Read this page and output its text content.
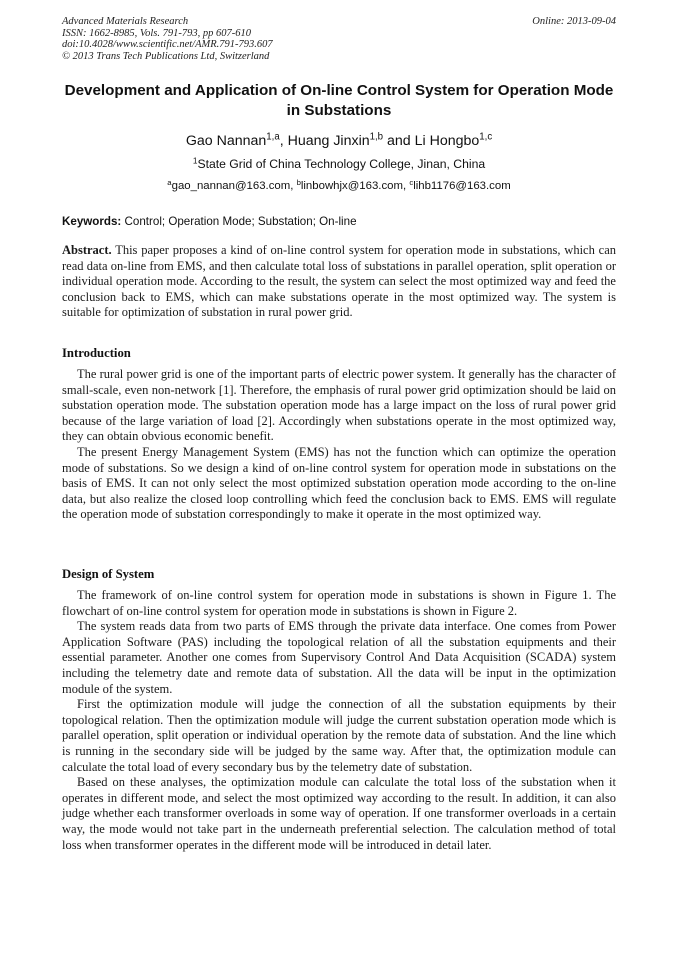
Advanced Materials Research
ISSN: 1662-8985, Vols. 791-793, pp 607-610
doi:10.4028/www.scientific.net/AMR.791-793.607
© 2013 Trans Tech Publications Ltd, Switzerland
Online: 2013-09-04
Development and Application of On-line Control System for Operation Mode in Substations
Gao Nannan$^{1,a}$, Huang Jinxin$^{1,b}$ and Li Hongbo$^{1,c}$
$^1$State Grid of China Technology College, Jinan, China
$^a$gao_nannan@163.com, $^b$linbowhjx@163.com, $^c$lihb1176@163.com
Keywords: Control; Operation Mode; Substation; On-line

Abstract. This paper proposes a kind of on-line control system for operation mode in substations, which can read data on-line from EMS, and then calculate total loss of substations in parallel operation, split operation or individual operation mode. According to the result, the system can select the most optimized way and feed the conclusion back to EMS, which can make substations operate in the most optimized way. The system is suitable for optimization of substation in rural power grid.

Introduction

The rural power grid is one of the important parts of electric power system. It generally has the character of small-scale, even non-network [1]. Therefore, the emphasis of rural power grid optimization should be laid on substation operation mode. The substation operation mode has a large impact on the loss of rural power grid because of the large variation of load [2]. Accordingly when substations operate in the most optimized way, they can obtain obvious economic benefit.

The present Energy Management System (EMS) has not the function which can optimize the operation mode of substations. So we design a kind of on-line control system for operation mode in substations on the basis of EMS. It can not only select the most optimized substation operation mode according to the on-line data, but also realize the closed loop controlling which feed the conclusion back to EMS. EMS will regulate the operation mode of substation correspondingly to make it operate in the most optimized way.

Design of System

The framework of on-line control system for operation mode in substations is shown in Figure 1. The flowchart of on-line control system for operation mode in substations is shown in Figure 2.

The system reads data from two parts of EMS through the private data interface. One comes from Power Application Software (PAS) including the topological relation of all the substation equipments and their essential parameter. Another one comes from Supervisory Control And Data Acquisition (SCADA) system including the telemetry date and remote data of substation. All the data will be input in the optimization module of the system.

First the optimization module will judge the connection of all the substation equipments by their topological relation. Then the optimization module will judge the current substation operation mode which is parallel operation, split operation or individual operation by the remote data of substation. And the line which is running in the secondary side will be judged by the same way. After that, the optimization module can calculate the total load of every secondary bus by the telemetry date of substation.

Based on these analyses, the optimization module can calculate the total loss of the substation when it operates in different mode, and select the most optimized way according to the result. In addition, it can also judge whether each transformer overloads in some way of operation. If one transformer overloads in a certain way, the mode would not take part in the underneath preferential selection. The calculation method of total loss when transformer operates in the different mode will be introduced in detail later.
